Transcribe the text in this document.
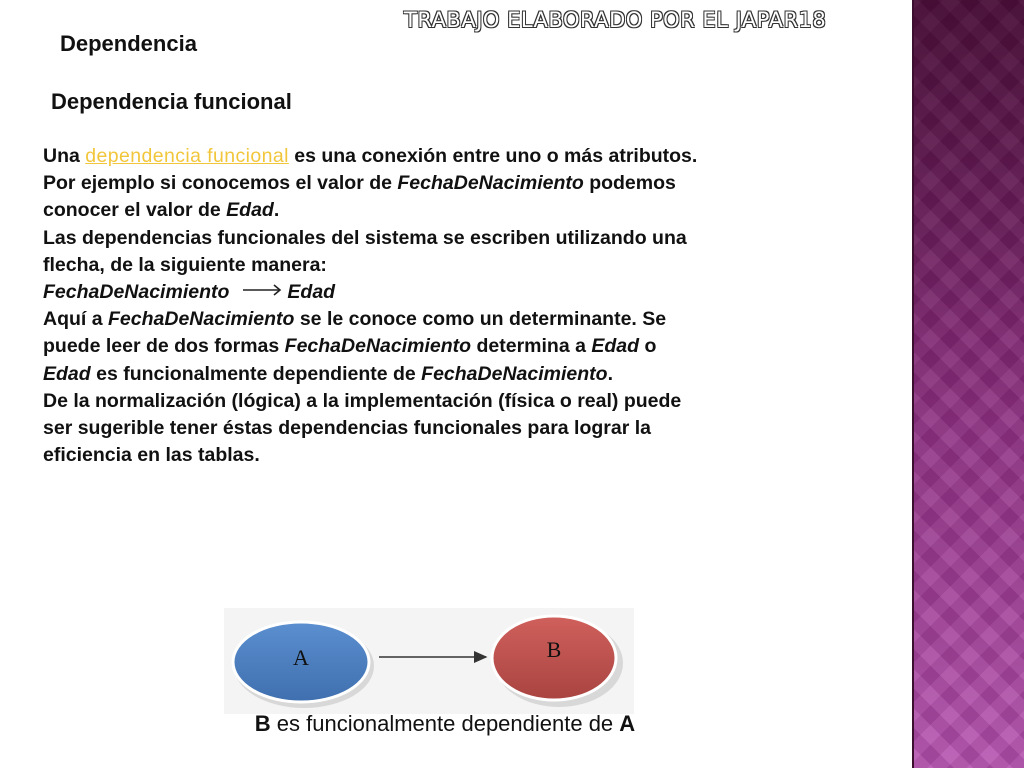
TRABAJO ELABORADO POR EL JAPAR18
Dependencia
Dependencia funcional

Una dependencia funcional es una conexión entre uno o más atributos. Por ejemplo si conocemos el valor de FechaDeNacimiento podemos conocer el valor de Edad.

Las dependencias funcionales del sistema se escriben utilizando una flecha, de la siguiente manera:

FechaDeNacimiento	Edad

Aquí a FechaDeNacimiento se le conoce como un determinante. Se puede leer de dos formas FechaDeNacimiento determina a Edad o Edad es funcionalmente dependiente de FechaDeNacimiento.

De la normalización (lógica) a la implementación (física o real) puede ser sugerible tener éstas dependencias funcionales para lograr la eficiencia en las tablas.

A	B
B es funcionalmente dependiente de A
